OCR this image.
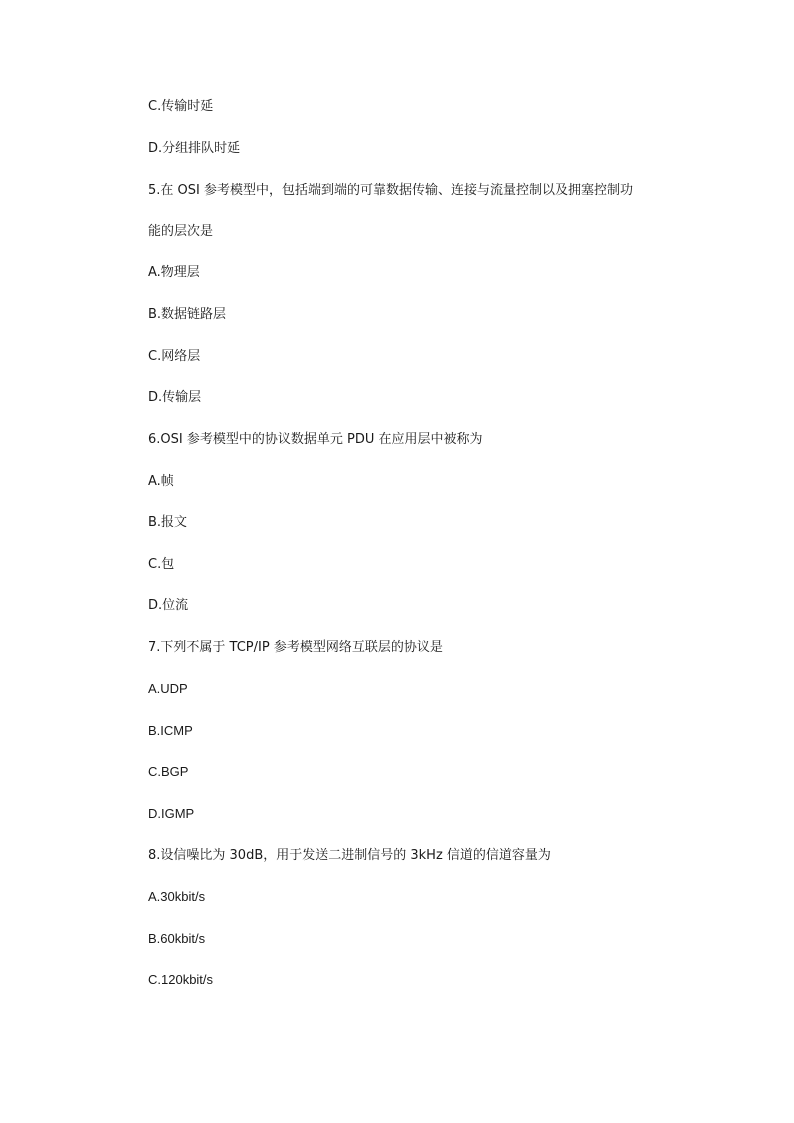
C.传输时延
D.分组排队时延
5.在 OSI 参考模型中，包括端到端的可靠数据传输、连接与流量控制以及拥塞控制功
能的层次是
A.物理层
B.数据链路层
C.网络层
D.传输层
6.OSI 参考模型中的协议数据单元 PDU 在应用层中被称为
A.帧
B.报文
C.包
D.位流
7.下列不属于 TCP/IP 参考模型网络互联层的协议是
A.UDP
B.ICMP
C.BGP
D.IGMP
8.设信噪比为 30dB，用于发送二进制信号的 3kHz 信道的信道容量为
A.30kbit/s
B.60kbit/s
C.120kbit/s
